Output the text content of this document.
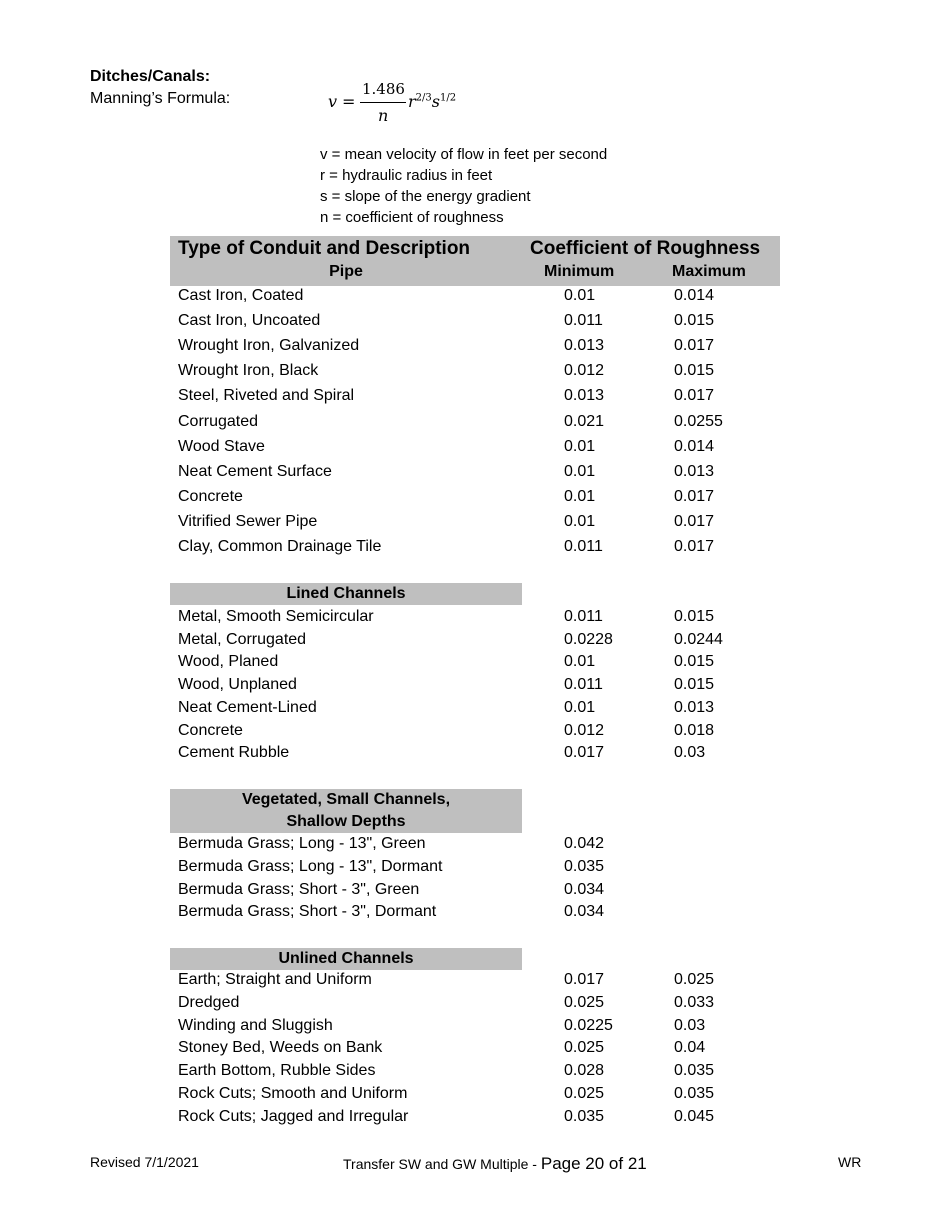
Ditches/Canals:
Manning’s Formula:	v =
1.486
n
$r^{2/3}s^{1/2}$
v = mean velocity of flow in feet per second
r = hydraulic radius in feet
s = slope of the energy gradient
n = coefficient of roughness
Type of Conduit and Description	Coefficient of Roughness
Pipe	Minimum	Maximum
Cast Iron, Coated	0.01	0.014
Cast Iron, Uncoated	0.011	0.015
Wrought Iron, Galvanized	0.013	0.017
Wrought Iron, Black	0.012	0.015
Steel, Riveted and Spiral	0.013	0.017
Corrugated	0.021	0.0255
Wood Stave	0.01	0.014
Neat Cement Surface	0.01	0.013
Concrete	0.01	0.017
Vitrified Sewer Pipe	0.01	0.017
Clay, Common Drainage Tile	0.011	0.017
Lined Channels
Metal, Smooth Semicircular	0.011	0.015
Metal, Corrugated	0.0228	0.0244
Wood, Planed	0.01	0.015
Wood, Unplaned	0.011	0.015
Neat Cement-Lined	0.01	0.013
Concrete	0.012	0.018
Cement Rubble	0.017	0.03
Vegetated, Small Channels,
Shallow Depths
Bermuda Grass; Long - 13", Green	0.042
Bermuda Grass; Long - 13", Dormant	0.035
Bermuda Grass; Short - 3", Green	0.034
Bermuda Grass; Short - 3", Dormant	0.034
Unlined Channels
Earth; Straight and Uniform	0.017	0.025
Dredged	0.025	0.033
Winding and Sluggish	0.0225	0.03
Stoney Bed, Weeds on Bank	0.025	0.04
Earth Bottom, Rubble Sides	0.028	0.035
Rock Cuts; Smooth and Uniform	0.025	0.035
Rock Cuts; Jagged and Irregular	0.035	0.045
Revised 7/1/2021	Transfer SW and GW Multiple - Page 20 of 21	WR
